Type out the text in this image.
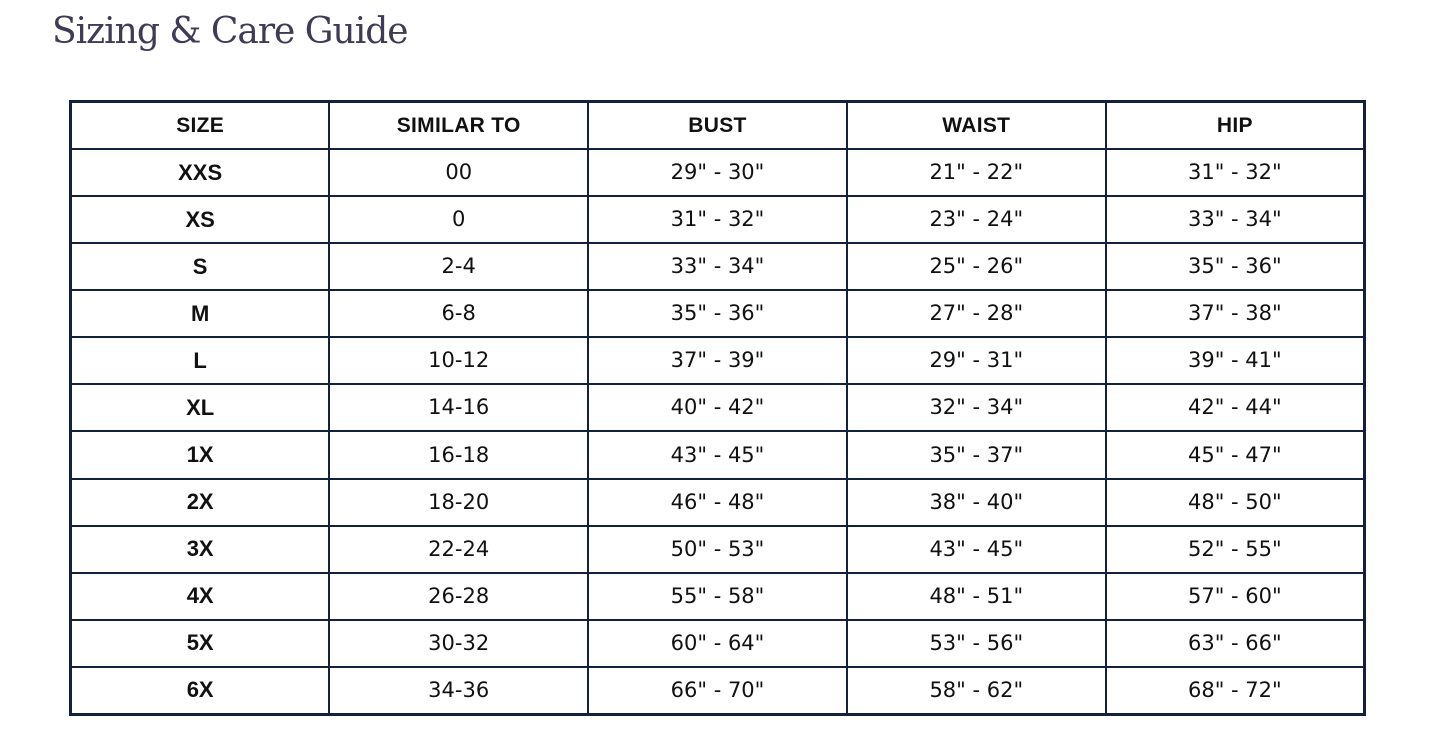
Sizing & Care Guide
SIZE	SIMILAR TO	BUST	WAIST	HIP
XXS	00	29" - 30"	21" - 22"	31" - 32"
XS	0	31" - 32"	23" - 24"	33" - 34"
S	2-4	33" - 34"	25" - 26"	35" - 36"
M	6-8	35" - 36"	27" - 28"	37" - 38"
L	10-12	37" - 39"	29" - 31"	39" - 41"
XL	14-16	40" - 42"	32" - 34"	42" - 44"
1X	16-18	43" - 45"	35" - 37"	45" - 47"
2X	18-20	46" - 48"	38" - 40"	48" - 50"
3X	22-24	50" - 53"	43" - 45"	52" - 55"
4X	26-28	55" - 58"	48" - 51"	57" - 60"
5X	30-32	60" - 64"	53" - 56"	63" - 66"
6X	34-36	66" - 70"	58" - 62"	68" - 72"
